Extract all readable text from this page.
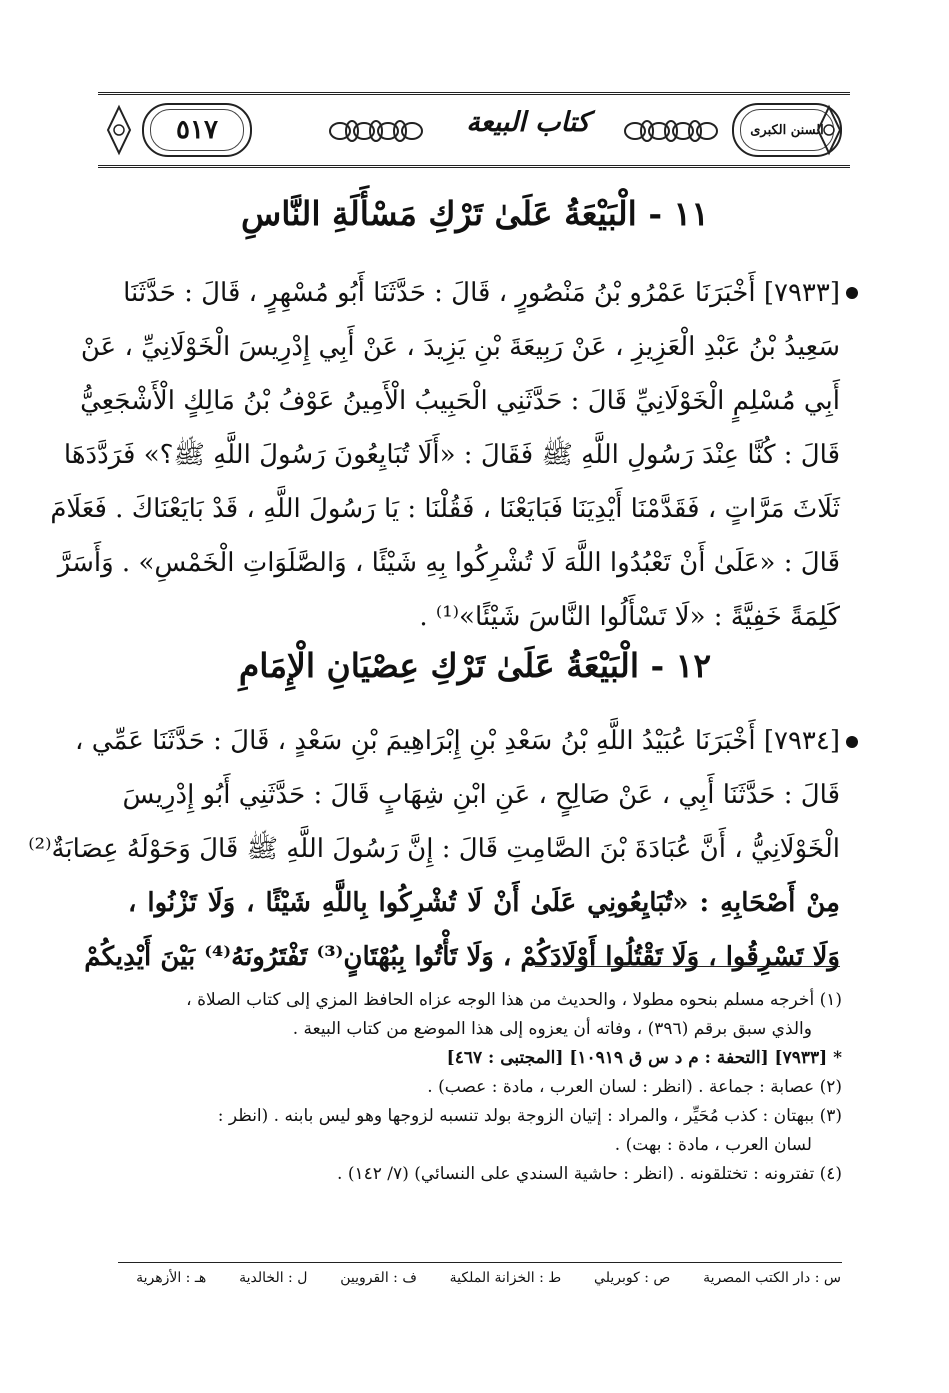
٥١٧	كتاب البيعة	السنن الكبرى
١١ - الْبَيْعَةُ عَلَىٰ تَرْكِ مَسْأَلَةِ النَّاسِ
[٧٩٣٣] أَخْبَرَنَا عَمْرُو بْنُ مَنْصُورٍ ، قَالَ : حَدَّثَنَا أَبُو مُسْهِرٍ ، قَالَ : حَدَّثَنَا
سَعِيدُ بْنُ عَبْدِ الْعَزِيزِ ، عَنْ رَبِيعَةَ بْنِ يَزِيدَ ، عَنْ أَبِي إِدْرِيسَ الْخَوْلَانِيِّ ، عَنْ
أَبِي مُسْلِمٍ الْخَوْلَانِيِّ قَالَ : حَدَّثَنِي الْحَبِيبُ الْأَمِينُ عَوْفُ بْنُ مَالِكٍ الْأَشْجَعِيُّ
قَالَ : كُنَّا عِنْدَ رَسُولِ اللَّهِ ﷺ فَقَالَ : «أَلَا تُبَايِعُونَ رَسُولَ اللَّهِ ﷺ؟» فَرَدَّدَهَا
ثَلَاثَ مَرَّاتٍ ، فَقَدَّمْنَا أَيْدِيَنَا فَبَايَعْنَا ، فَقُلْنَا : يَا رَسُولَ اللَّهِ ، قَدْ بَايَعْنَاكَ . فَعَلَامَ
قَالَ : «عَلَىٰ أَنْ تَعْبُدُوا اللَّهَ لَا تُشْرِكُوا بِهِ شَيْئًا ، وَالصَّلَوَاتِ الْخَمْسِ» . وَأَسَرَّ
كَلِمَةً خَفِيَّةً : «لَا تَسْأَلُوا النَّاسَ شَيْئًا»⁽¹⁾ .
١٢ - الْبَيْعَةُ عَلَىٰ تَرْكِ عِصْيَانِ الْإِمَامِ
[٧٩٣٤] أَخْبَرَنَا عُبَيْدُ اللَّهِ بْنُ سَعْدِ بْنِ إِبْرَاهِيمَ بْنِ سَعْدٍ ، قَالَ : حَدَّثَنَا عَمِّي ،
قَالَ : حَدَّثَنَا أَبِي ، عَنْ صَالِحٍ ، عَنِ ابْنِ شِهَابٍ قَالَ : حَدَّثَنِي أَبُو إِدْرِيسَ
الْخَوْلَانِيُّ ، أَنَّ عُبَادَةَ بْنَ الصَّامِتِ قَالَ : إِنَّ رَسُولَ اللَّهِ ﷺ قَالَ وَحَوْلَهُ عِصَابَةٌ⁽²⁾
مِنْ أَصْحَابِهِ : «تُبَايِعُونِي عَلَىٰ أَنْ لَا تُشْرِكُوا بِاللَّهِ شَيْئًا ، وَلَا تَزْنُوا ،
وَلَا تَسْرِقُوا ، وَلَا تَقْتُلُوا أَوْلَادَكُمْ ، وَلَا تَأْتُوا بِبُهْتَانٍ⁽³⁾ تَفْتَرُونَهُ⁽⁴⁾ بَيْنَ أَيْدِيكُمْ
(١) أخرجه مسلم بنحوه مطولا ، والحديث من هذا الوجه عزاه الحافظ المزي إلى كتاب الصلاة ،
والذي سبق برقم (٣٩٦) ، وفاته أن يعزوه إلى هذا الموضع من كتاب البيعة .
* [٧٩٣٣] [التحفة : م د س ق ١٠٩١٩] [المجتبى : ٤٦٧]
(٢) عصابة : جماعة . (انظر : لسان العرب ، مادة : عصب) .
(٣) ببهتان : كذب مُحَيِّر ، والمراد : إتيان الزوجة بولد تنسبه لزوجها وهو ليس بابنه . (انظر :
لسان العرب ، مادة : بهت) .
(٤) تفترونه : تختلقونه . (انظر : حاشية السندي على النسائي) (٧/ ١٤٢) .
س : دار الكتب المصرية
ص : كوبريلي
ط : الخزانة الملكية
ف : القرويين
ل : الخالدية
هـ : الأزهرية
